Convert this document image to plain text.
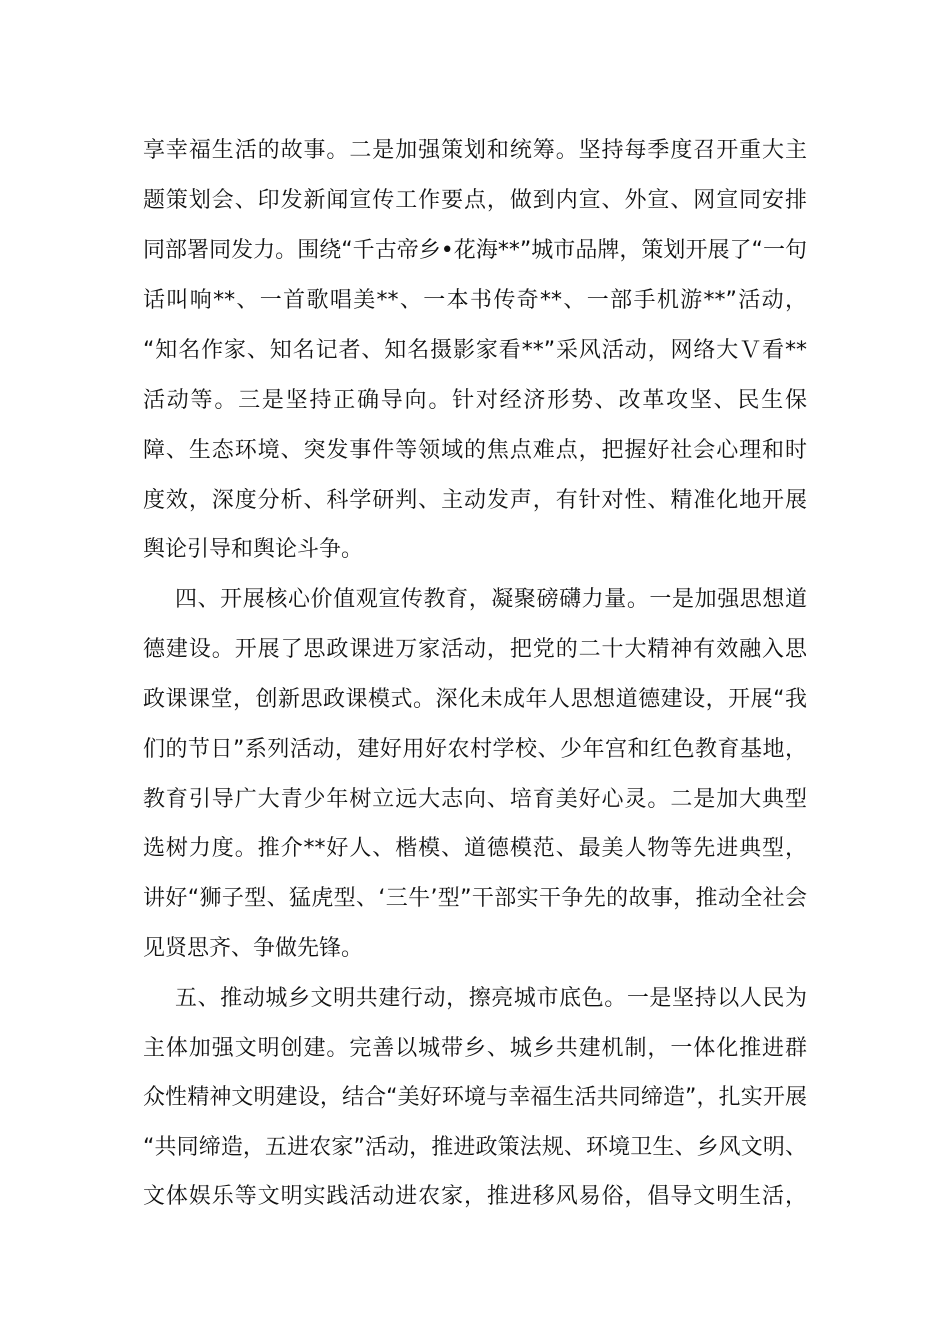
享幸福生活的故事。二是加强策划和统筹。坚持每季度召开重大主
题策划会、印发新闻宣传工作要点，做到内宣、外宣、网宣同安排
同部署同发力。围绕“千古帝乡•花海**”城市品牌，策划开展了“一句
话叫响**、一首歌唱美**、一本书传奇**、一部手机游**”活动，
“知名作家、知名记者、知名摄影家看**”采风活动，网络大Ｖ看**
活动等。三是坚持正确导向。针对经济形势、改革攻坚、民生保
障、生态环境、突发事件等领域的焦点难点，把握好社会心理和时
度效，深度分析、科学研判、主动发声，有针对性、精准化地开展
舆论引导和舆论斗争。
四、开展核心价值观宣传教育，凝聚磅礴力量。一是加强思想道
德建设。开展了思政课进万家活动，把党的二十大精神有效融入思
政课课堂，创新思政课模式。深化未成年人思想道德建设，开展“我
们的节日”系列活动，建好用好农村学校、少年宫和红色教育基地，
教育引导广大青少年树立远大志向、培育美好心灵。二是加大典型
选树力度。推介**好人、楷模、道德模范、最美人物等先进典型，
讲好“狮子型、猛虎型、‘三牛’型”干部实干争先的故事，推动全社会
见贤思齐、争做先锋。
五、推动城乡文明共建行动，擦亮城市底色。一是坚持以人民为
主体加强文明创建。完善以城带乡、城乡共建机制，一体化推进群
众性精神文明建设，结合“美好环境与幸福生活共同缔造”，扎实开展
“共同缔造，五进农家”活动，推进政策法规、环境卫生、乡风文明、
文体娱乐等文明实践活动进农家，推进移风易俗，倡导文明生活，
